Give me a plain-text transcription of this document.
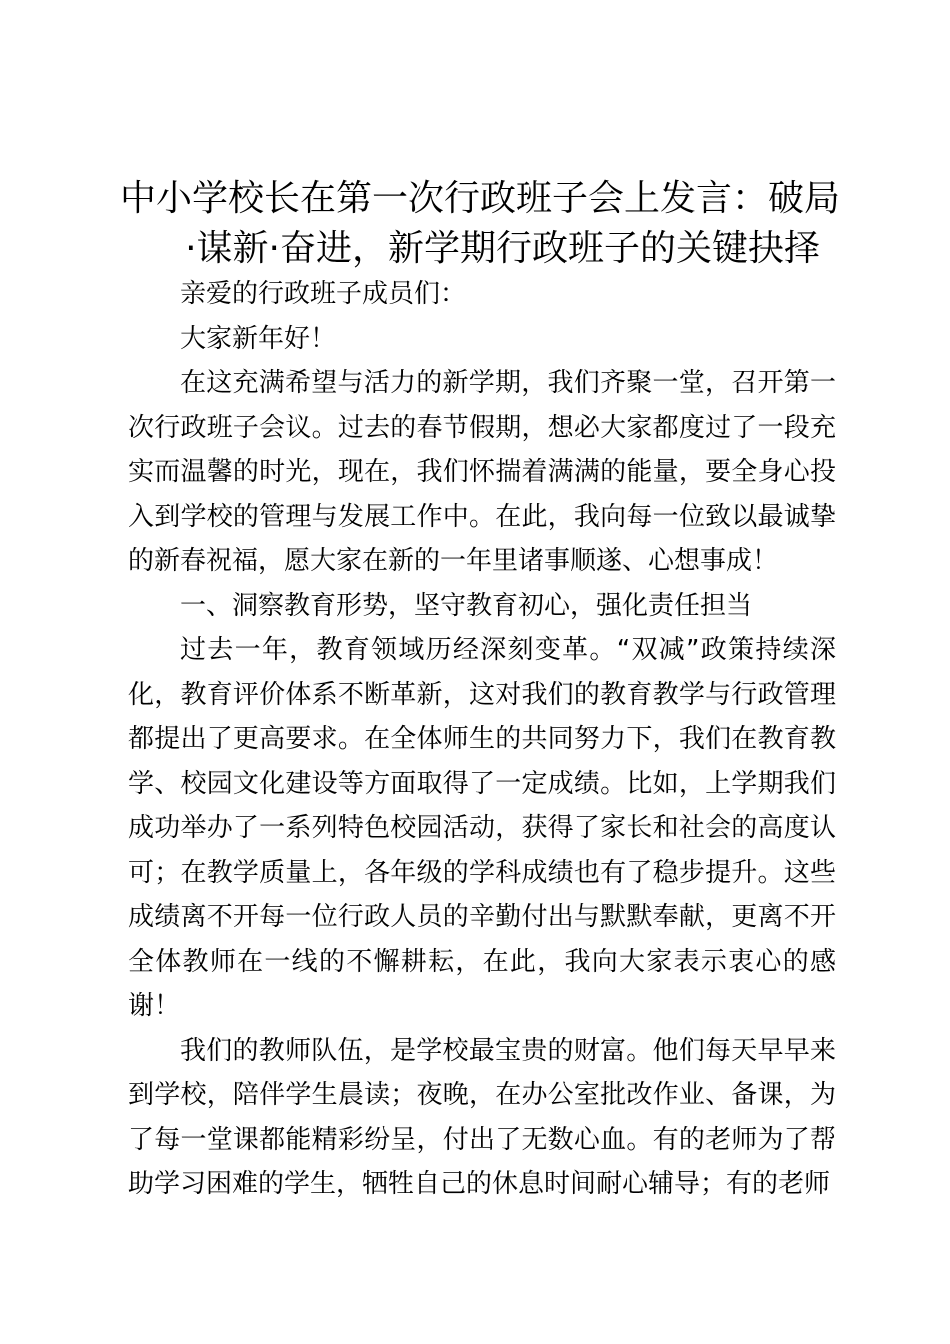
中小学校长在第一次行政班子会上发言：破局
·谋新·奋进，新学期行政班子的关键抉择

亲爱的行政班子成员们：

大家新年好！

在这充满希望与活力的新学期，我们齐聚一堂，召开第一次行政班子会议。过去的春节假期，想必大家都度过了一段充实而温馨的时光，现在，我们怀揣着满满的能量，要全身心投入到学校的管理与发展工作中。在此，我向每一位致以最诚挚的新春祝福，愿大家在新的一年里诸事顺遂、心想事成！

一、洞察教育形势，坚守教育初心，强化责任担当

过去一年，教育领域历经深刻变革。“双减”政策持续深化，教育评价体系不断革新，这对我们的教育教学与行政管理都提出了更高要求。在全体师生的共同努力下，我们在教育教学、校园文化建设等方面取得了一定成绩。比如，上学期我们成功举办了一系列特色校园活动，获得了家长和社会的高度认可；在教学质量上，各年级的学科成绩也有了稳步提升。这些成绩离不开每一位行政人员的辛勤付出与默默奉献，更离不开全体教师在一线的不懈耕耘，在此，我向大家表示衷心的感谢！

我们的教师队伍，是学校最宝贵的财富。他们每天早早来到学校，陪伴学生晨读；夜晚，在办公室批改作业、备课，为了每一堂课都能精彩纷呈，付出了无数心血。有的老师为了帮助学习困难的学生，牺牲自己的休息时间耐心辅导；有的老师
